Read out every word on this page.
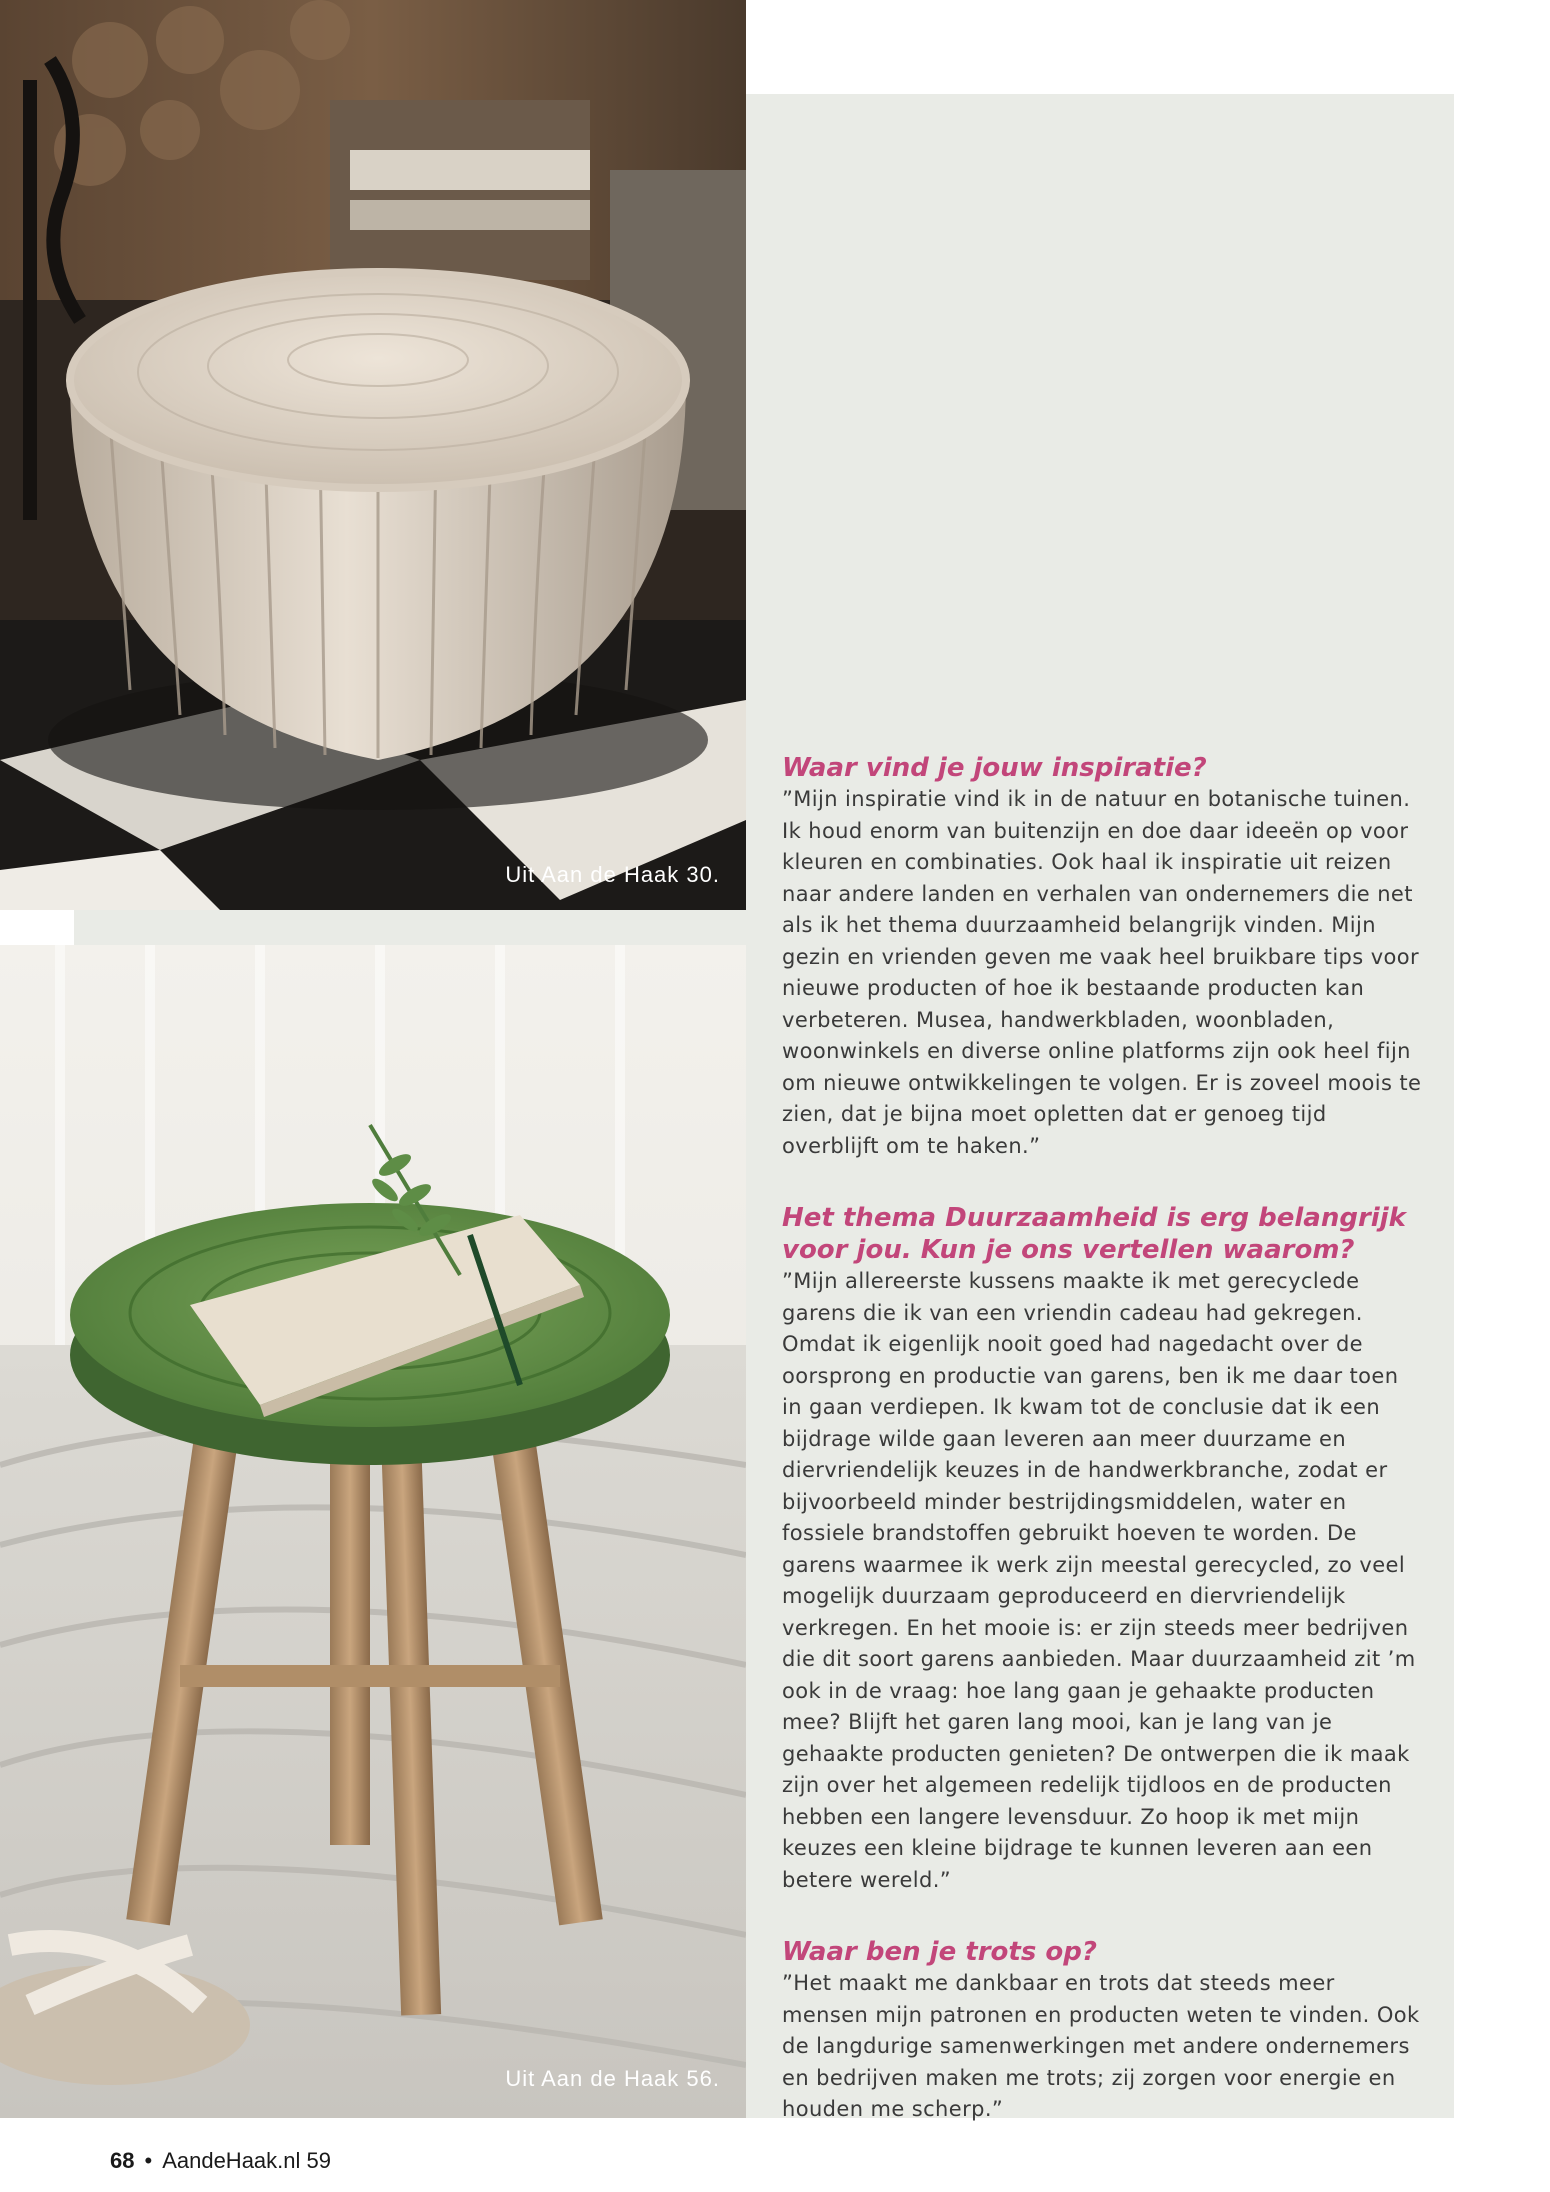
Uit Aan de Haak 30.
Uit Aan de Haak 56.
Waar vind je jouw inspiratie?

”Mijn inspiratie vind ik in de natuur en botanische tuinen. Ik houd enorm van buitenzijn en doe daar ideeën op voor kleuren en combinaties. Ook haal ik inspiratie uit reizen naar andere landen en verhalen van ondernemers die net als ik het thema duurzaamheid belangrijk vinden. Mijn gezin en vrienden geven me vaak heel bruikbare tips voor nieuwe producten of hoe ik bestaande producten kan verbeteren. Musea, handwerkbladen, woonbladen, woonwinkels en diverse online platforms zijn ook heel fijn om nieuwe ontwikkelingen te volgen. Er is zoveel moois te zien, dat je bijna moet opletten dat er genoeg tijd overblijft om te haken.”

Het thema Duurzaamheid is erg belangrijk voor jou. Kun je ons vertellen waarom?

”Mijn allereerste kussens maakte ik met gerecyclede garens die ik van een vriendin cadeau had gekregen. Omdat ik eigenlijk nooit goed had nagedacht over de oorsprong en productie van garens, ben ik me daar toen in gaan verdiepen. Ik kwam tot de conclusie dat ik een bijdrage wilde gaan leveren aan meer duurzame en diervriendelijk keuzes in de handwerkbranche, zodat er bijvoorbeeld minder bestrijdingsmiddelen, water en fossiele brandstoffen gebruikt hoeven te worden. De garens waarmee ik werk zijn meestal gerecycled, zo veel mogelijk duurzaam geproduceerd en diervriendelijk verkregen. En het mooie is: er zijn steeds meer bedrijven die dit soort garens aanbieden. Maar duurzaamheid zit ’m ook in de vraag: hoe lang gaan je gehaakte producten mee? Blijft het garen lang mooi, kan je lang van je gehaakte producten genieten? De ontwerpen die ik maak zijn over het algemeen redelijk tijdloos en de producten hebben een langere levensduur. Zo hoop ik met mijn keuzes een kleine bijdrage te kunnen leveren aan een betere wereld.”

Waar ben je trots op?

”Het maakt me dankbaar en trots dat steeds meer mensen mijn patronen en producten weten te vinden. Ook de langdurige samenwerkingen met andere ondernemers en bedrijven maken me trots; zij zorgen voor energie en houden me scherp.”

68 • AandeHaak.nl 59
